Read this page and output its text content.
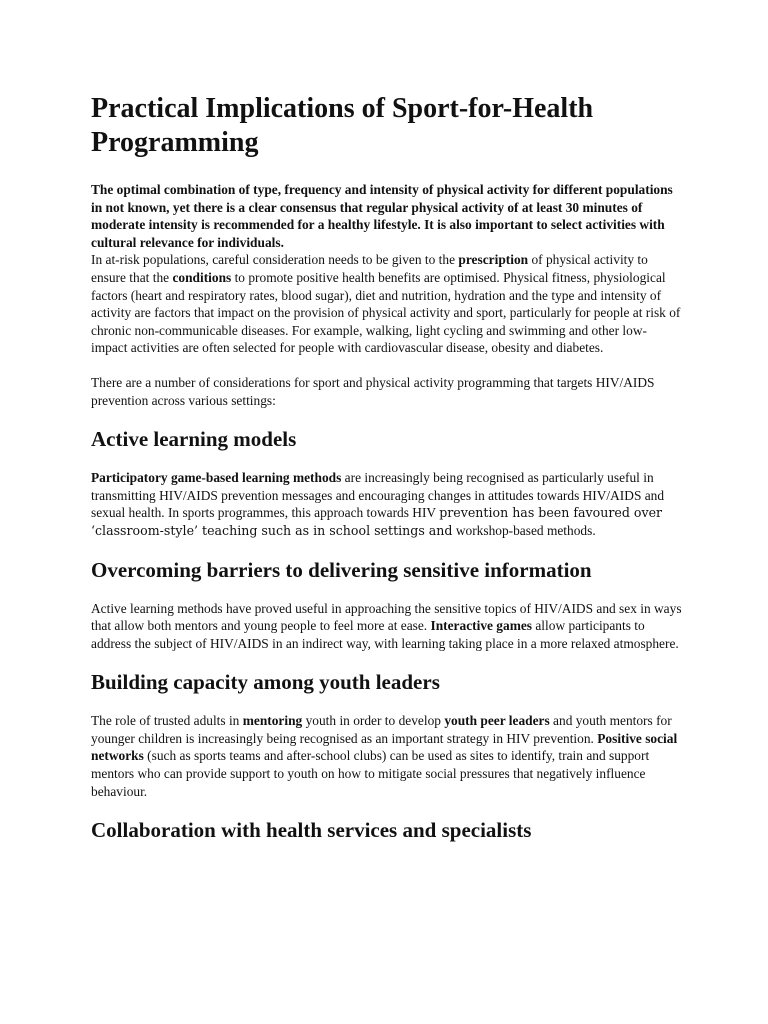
Practical Implications of Sport-for-Health Programming

The optimal combination of type, frequency and intensity of physical activity for different populations in not known, yet there is a clear consensus that regular physical activity of at least 30 minutes of moderate intensity is recommended for a healthy lifestyle. It is also important to select activities with cultural relevance for individuals.

In at-risk populations, careful consideration needs to be given to the prescription of physical activity to ensure that the conditions to promote positive health benefits are optimised. Physical fitness, physiological factors (heart and respiratory rates, blood sugar), diet and nutrition, hydration and the type and intensity of activity are factors that impact on the provision of physical activity and sport, particularly for people at risk of chronic non-communicable diseases. For example, walking, light cycling and swimming and other low-impact activities are often selected for people with cardiovascular disease, obesity and diabetes.

There are a number of considerations for sport and physical activity programming that targets HIV/AIDS prevention across various settings:

Active learning models

Participatory game-based learning methods are increasingly being recognised as particularly useful in transmitting HIV/AIDS prevention messages and encouraging changes in attitudes towards HIV/AIDS and sexual health. In sports programmes, this approach towards HIV prevention has been favoured over ‘classroom-style’ teaching such as in school settings and workshop-based methods.

Overcoming barriers to delivering sensitive information

Active learning methods have proved useful in approaching the sensitive topics of HIV/AIDS and sex in ways that allow both mentors and young people to feel more at ease. Interactive games allow participants to address the subject of HIV/AIDS in an indirect way, with learning taking place in a more relaxed atmosphere.

Building capacity among youth leaders

The role of trusted adults in mentoring youth in order to develop youth peer leaders and youth mentors for younger children is increasingly being recognised as an important strategy in HIV prevention. Positive social networks (such as sports teams and after-school clubs) can be used as sites to identify, train and support mentors who can provide support to youth on how to mitigate social pressures that negatively influence behaviour.

Collaboration with health services and specialists
